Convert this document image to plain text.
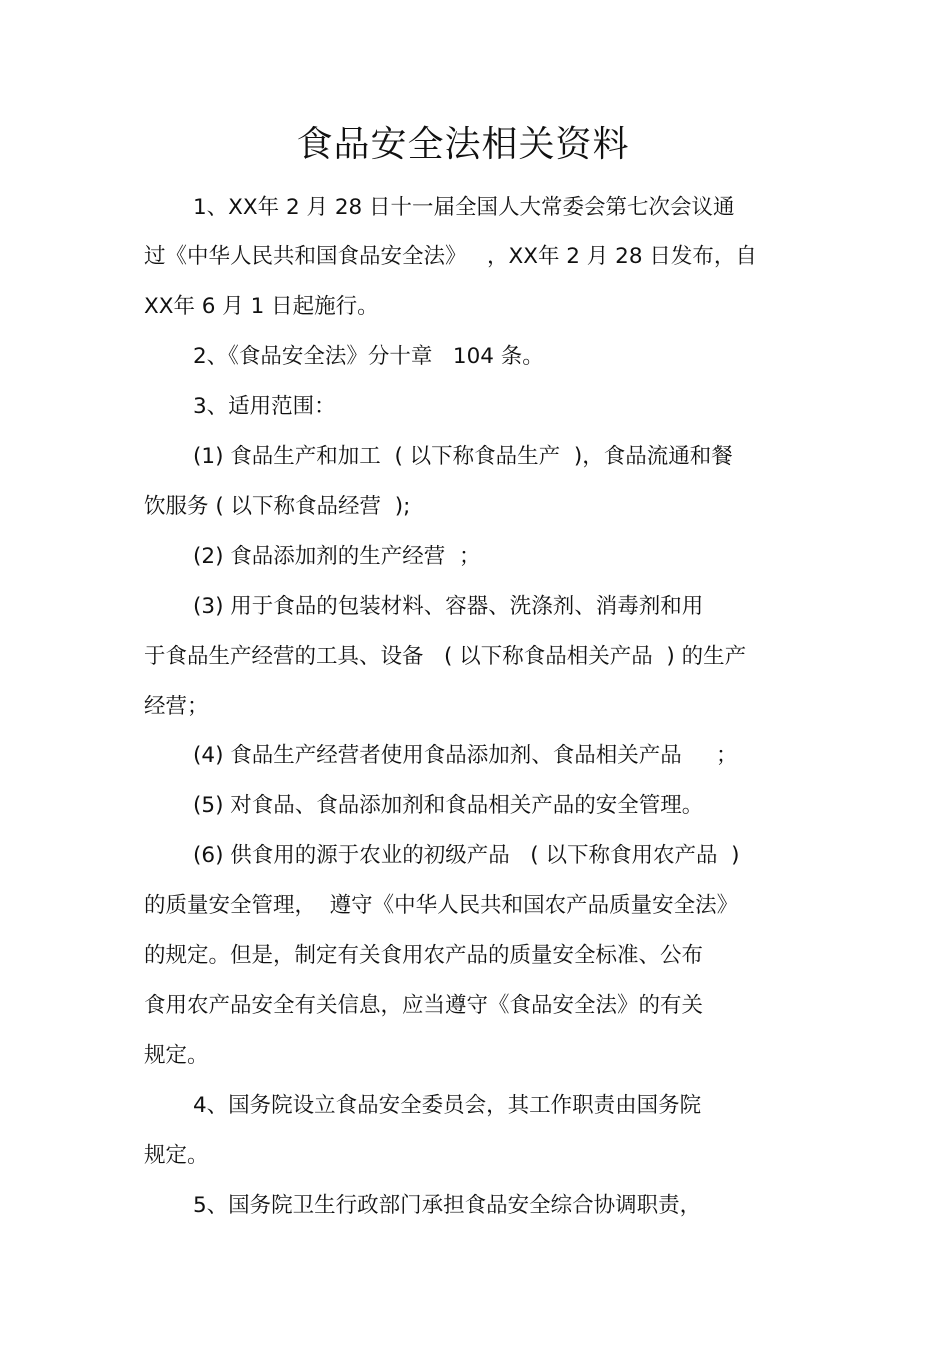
食品安全法相关资料
1、XX年 2 月 28 日十一届全国人大常委会第七次会议通
过《中华人民共和国食品安全法》   ，XX年 2 月 28 日发布，自
XX年 6 月 1 日起施行。
2、《食品安全法》分十章   104 条。
3、适用范围：
(1) 食品生产和加工  ( 以下称食品生产  )，食品流通和餐
饮服务 ( 以下称食品经营  );
(2) 食品添加剂的生产经营  ；
(3) 用于食品的包装材料、容器、洗涤剂、消毒剂和用
于食品生产经营的工具、设备   ( 以下称食品相关产品  ) 的生产
经营；
(4) 食品生产经营者使用食品添加剂、食品相关产品     ；
(5) 对食品、食品添加剂和食品相关产品的安全管理。
(6) 供食用的源于农业的初级产品   ( 以下称食用农产品  )
的质量安全管理，  遵守《中华人民共和国农产品质量安全法》
的规定。但是，制定有关食用农产品的质量安全标准、公布
食用农产品安全有关信息，应当遵守《食品安全法》的有关
规定。
4、国务院设立食品安全委员会，其工作职责由国务院
规定。
5、国务院卫生行政部门承担食品安全综合协调职责，
